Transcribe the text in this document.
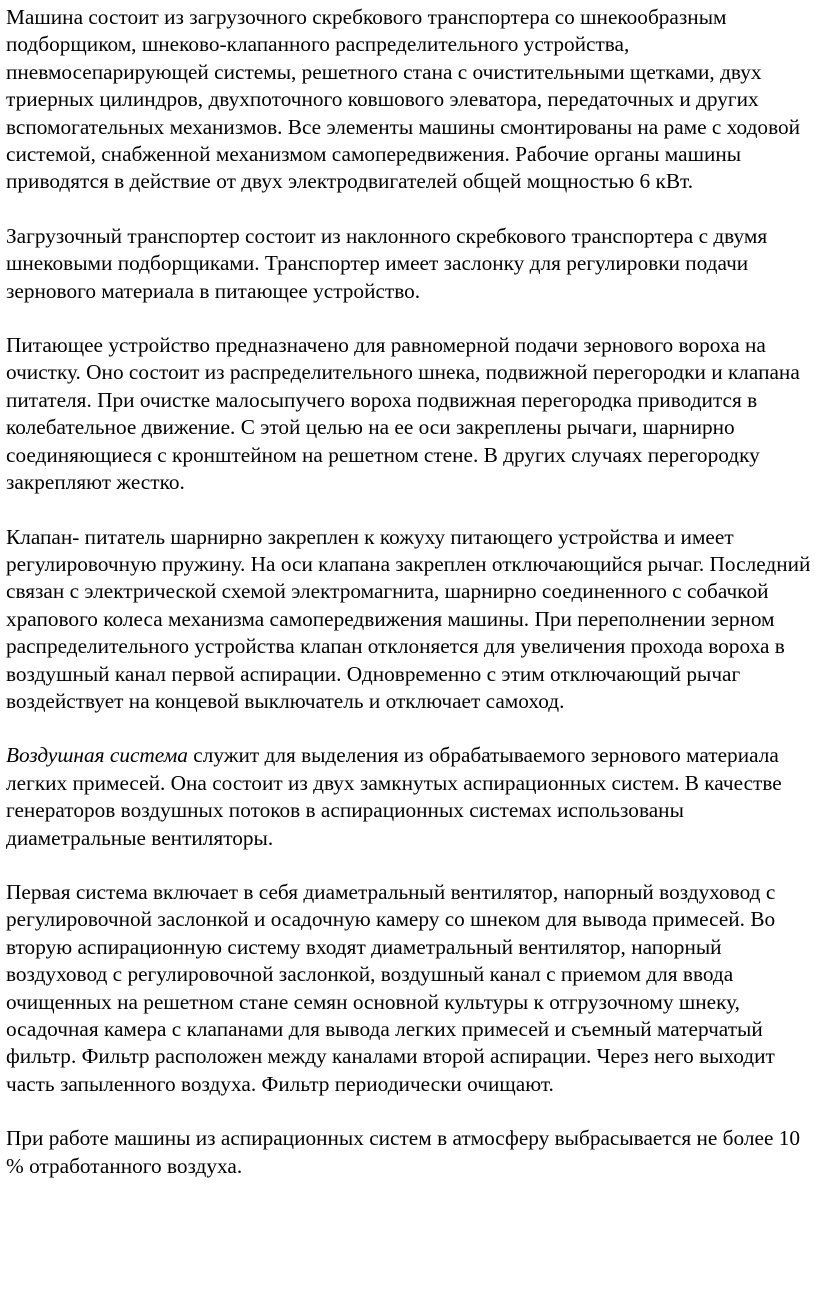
Машина состоит из загрузочного скребкового транспортера со шнекообразным подборщиком, шнеково-клапанного распределительного устройства, пневмосепарирующей системы, решетного стана с очистительными щетками, двух триерных цилиндров, двухпоточного ковшового элеватора, передаточных и других вспомогательных механизмов. Все элементы машины смонтированы на раме с ходовой системой, снабженной механизмом самопередвижения. Рабочие органы машины приводятся в действие от двух электродвигателей общей мощностью 6 кВт.

Загрузочный транспортер состоит из наклонного скребкового транспортера с двумя шнековыми подборщиками. Транспортер имеет заслонку для регулировки подачи зернового материала в питающее устройство.

Питающее устройство предназначено для равномерной подачи зернового вороха на очистку. Оно состоит из распределительного шнека, подвижной перегородки и клапана питателя. При очистке малосыпучего вороха подвижная перегородка приводится в колебательное движение. С этой целью на ее оси закреплены рычаги, шарнирно соединяющиеся с кронштейном на решетном стене. В других случаях перегородку закрепляют жестко.

Клапан- питатель шарнирно закреплен к кожуху питающего устройства и имеет регулировочную пружину. На оси клапана закреплен отключающийся рычаг. Последний связан с электрической схемой электромагнита, шарнирно соединенного с собачкой храпового колеса механизма самопередвижения машины. При переполнении зерном распределительного устройства клапан отклоняется для увеличения прохода вороха в воздушный канал первой аспирации. Одновременно с этим отключающий рычаг воздействует на концевой выключатель и отключает самоход.

Воздушная система служит для выделения из обрабатываемого зернового материала легких примесей. Она состоит из двух замкнутых аспирационных систем. В качестве генераторов воздушных потоков в аспирационных системах использованы диаметральные вентиляторы.

Первая система включает в себя диаметральный вентилятор, напорный воздуховод с регулировочной заслонкой и осадочную камеру со шнеком для вывода примесей. Во вторую аспирационную систему входят диаметральный вентилятор, напорный воздуховод с регулировочной заслонкой, воздушный канал с приемом для ввода очищенных на решетном стане семян основной культуры к отгрузочному шнеку, осадочная камера с клапанами для вывода легких примесей и съемный матерчатый фильтр. Фильтр расположен между каналами второй аспирации. Через него выходит часть запыленного воздуха. Фильтр периодически очищают.

При работе машины из аспирационных систем в атмосферу выбрасывается не более 10 % отработанного воздуха.
